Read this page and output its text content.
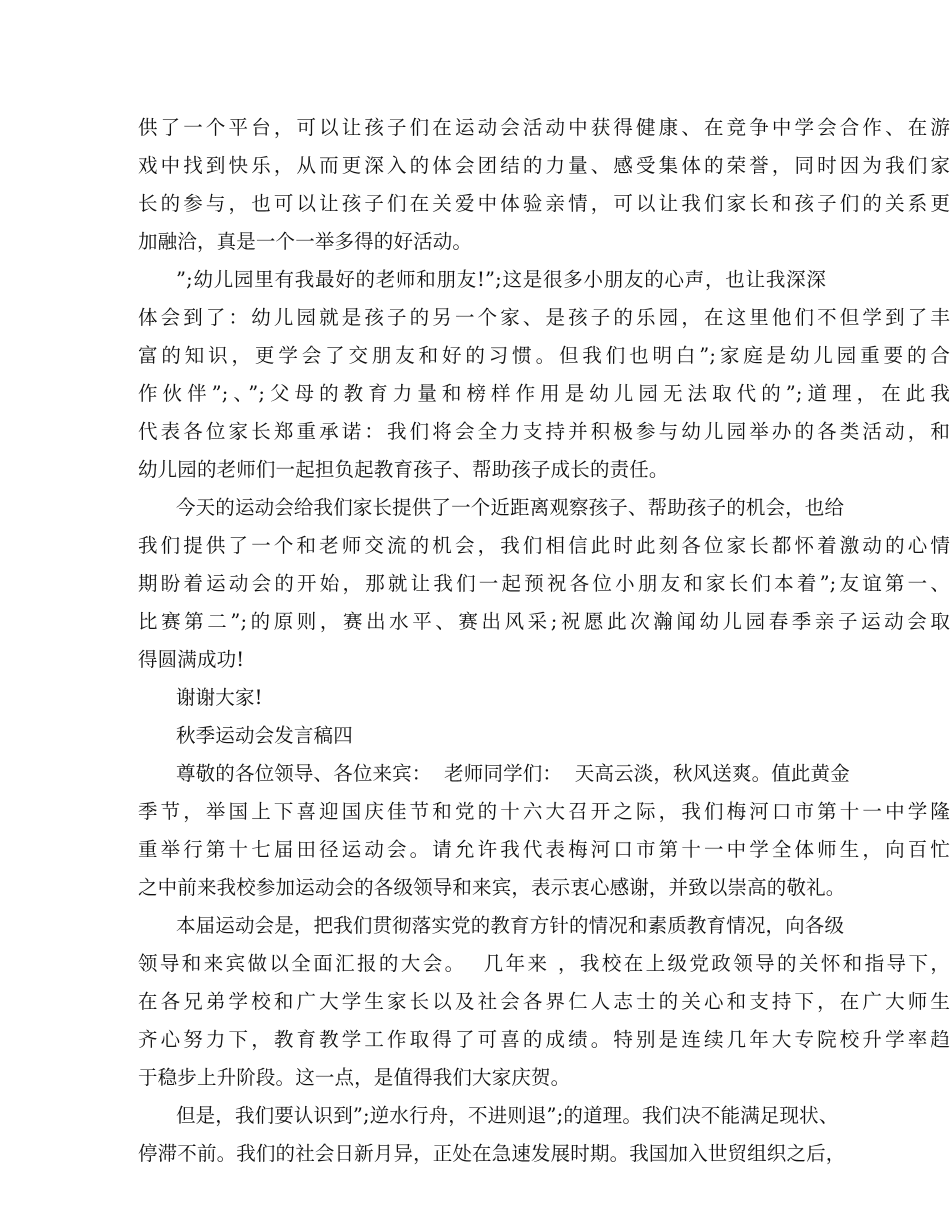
供了一个平台，可以让孩子们在运动会活动中获得健康、在竞争中学会合作、在游

戏中找到快乐，从而更深入的体会团结的力量、感受集体的荣誉，同时因为我们家

长的参与，也可以让孩子们在关爱中体验亲情，可以让我们家长和孩子们的关系更

加融洽，真是一个一举多得的好活动。

”;幼儿园里有我最好的老师和朋友!”;这是很多小朋友的心声，也让我深深

体会到了：幼儿园就是孩子的另一个家、是孩子的乐园，在这里他们不但学到了丰

富的知识，更学会了交朋友和好的习惯。但我们也明白”;家庭是幼儿园重要的合

作伙伴”;、”;父母的教育力量和榜样作用是幼儿园无法取代的”;道理，在此我

代表各位家长郑重承诺：我们将会全力支持并积极参与幼儿园举办的各类活动，和

幼儿园的老师们一起担负起教育孩子、帮助孩子成长的责任。

今天的运动会给我们家长提供了一个近距离观察孩子、帮助孩子的机会，也给

我们提供了一个和老师交流的机会，我们相信此时此刻各位家长都怀着激动的心情

期盼着运动会的开始，那就让我们一起预祝各位小朋友和家长们本着”;友谊第一、

比赛第二”;的原则，赛出水平、赛出风采;祝愿此次瀚闻幼儿园春季亲子运动会取

得圆满成功!

谢谢大家!

秋季运动会发言稿四

尊敬的各位领导、各位来宾：  老师同学们：  天高云淡，秋风送爽。值此黄金

季节，举国上下喜迎国庆佳节和党的十六大召开之际，我们梅河口市第十一中学隆

重举行第十七届田径运动会。请允许我代表梅河口市第十一中学全体师生，向百忙

之中前来我校参加运动会的各级领导和来宾，表示衷心感谢，并致以崇高的敬礼。

本届运动会是，把我们贯彻落实党的教育方针的情况和素质教育情况，向各级

领导和来宾做以全面汇报的大会。  几年来 ，我校在上级党政领导的关怀和指导下，

在各兄弟学校和广大学生家长以及社会各界仁人志士的关心和支持下，在广大师生

齐心努力下，教育教学工作取得了可喜的成绩。特别是连续几年大专院校升学率趋

于稳步上升阶段。这一点，是值得我们大家庆贺。

但是，我们要认识到”;逆水行舟，不进则退”;的道理。我们决不能满足现状、

停滞不前。我们的社会日新月异，正处在急速发展时期。我国加入世贸组织之后，
